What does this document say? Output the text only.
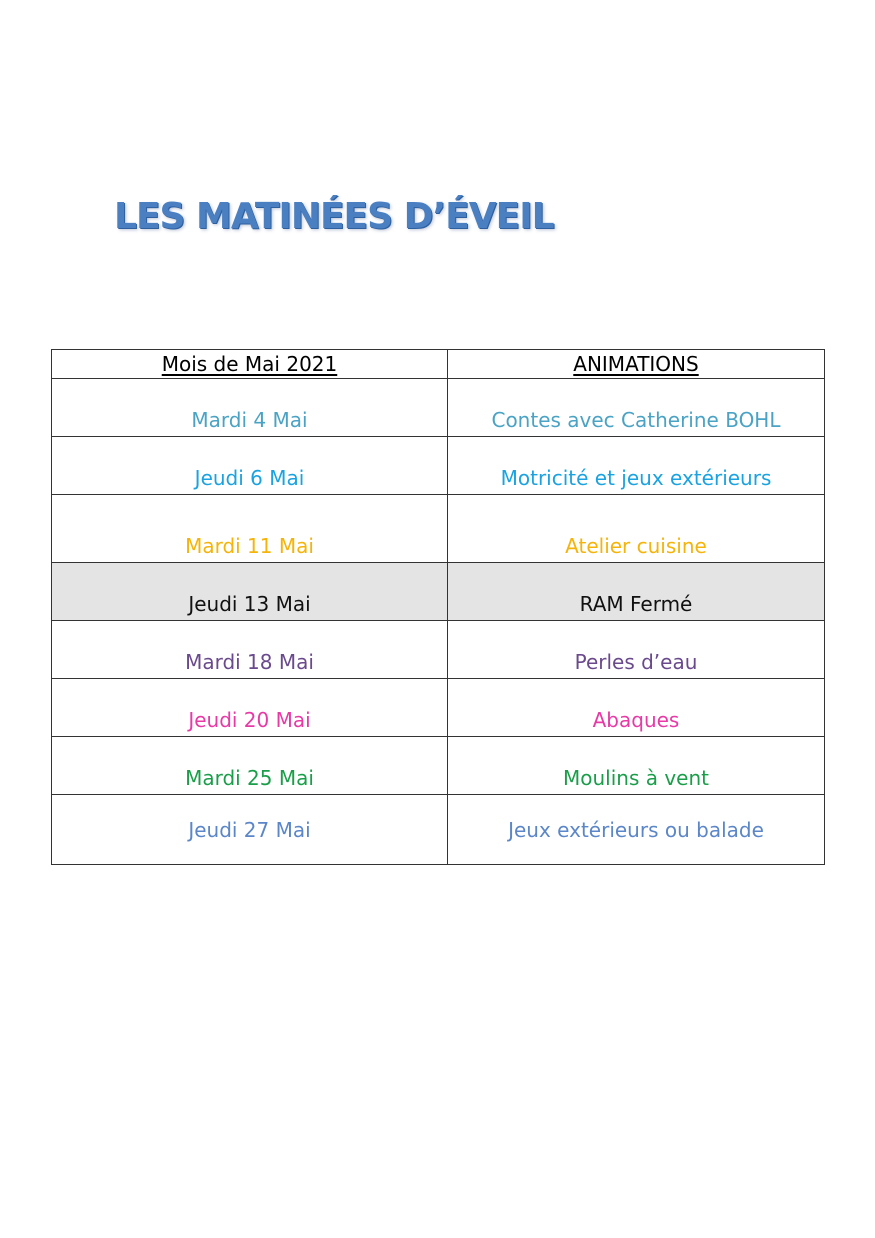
LES MATINÉES D’ÉVEIL
Mois de Mai 2021	ANIMATIONS
Mardi 4 Mai	Contes avec Catherine BOHL
Jeudi 6 Mai	Motricité et jeux extérieurs
Mardi 11 Mai	Atelier cuisine
Jeudi 13 Mai	RAM Fermé
Mardi 18 Mai	Perles d’eau
Jeudi 20 Mai	Abaques
Mardi 25 Mai	Moulins à vent
Jeudi 27 Mai	Jeux extérieurs ou balade
